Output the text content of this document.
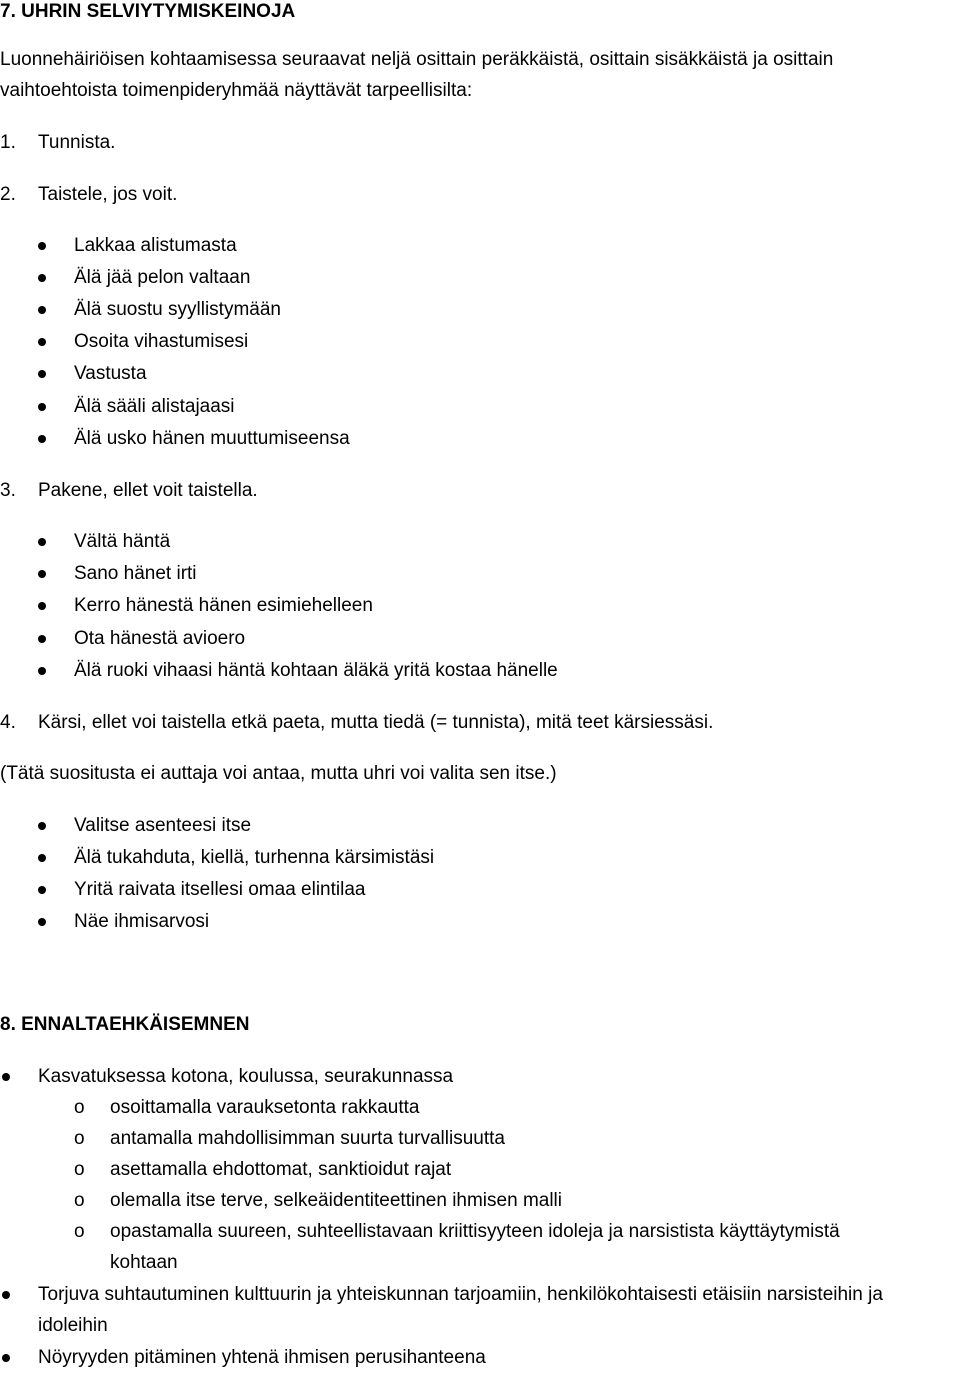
7. UHRIN SELVIYTYMISKEINOJA
Luonnehäiriöisen kohtaamisessa seuraavat neljä osittain peräkkäistä, osittain sisäkkäistä ja osittain
vaihtoehtoista toimenpideryhmää näyttävät tarpeellisilta:
1. Tunnista.
2. Taistele, jos voit.
Lakkaa alistumasta
Älä jää pelon valtaan
Älä suostu syyllistymään
Osoita vihastumisesi
Vastusta
Älä sääli alistajaasi
Älä usko hänen muuttumiseensa
3. Pakene, ellet voit taistella.
Vältä häntä
Sano hänet irti
Kerro hänestä hänen esimiehelleen
Ota hänestä avioero
Älä ruoki vihaasi häntä kohtaan äläkä yritä kostaa hänelle
4. Kärsi, ellet voi taistella etkä paeta, mutta tiedä (= tunnista), mitä teet kärsiessäsi.
(Tätä suositusta ei auttaja voi antaa, mutta uhri voi valita sen itse.)
Valitse asenteesi itse
Älä tukahduta, kiellä, turhenna kärsimistäsi
Yritä raivata itsellesi omaa elintilaa
Näe ihmisarvosi
8. ENNALTAEHKÄISEMNEN
Kasvatuksessa kotona, koulussa, seurakunnassa
o osoittamalla varauksetonta rakkautta
o antamalla mahdollisimman suurta turvallisuutta
o asettamalla ehdottomat, sanktioidut rajat
o olemalla itse terve, selkeäidentiteettinen ihmisen malli
o opastamalla suureen, suhteellistavaan kriittisyyteen idoleja ja narsistista käyttäytymistä
kohtaan
Torjuva suhtautuminen kulttuurin ja yhteiskunnan tarjoamiin, henkilökohtaisesti etäisiin narsisteihin ja
idoleihin
Nöyryyden pitäminen yhtenä ihmisen perusihanteena
